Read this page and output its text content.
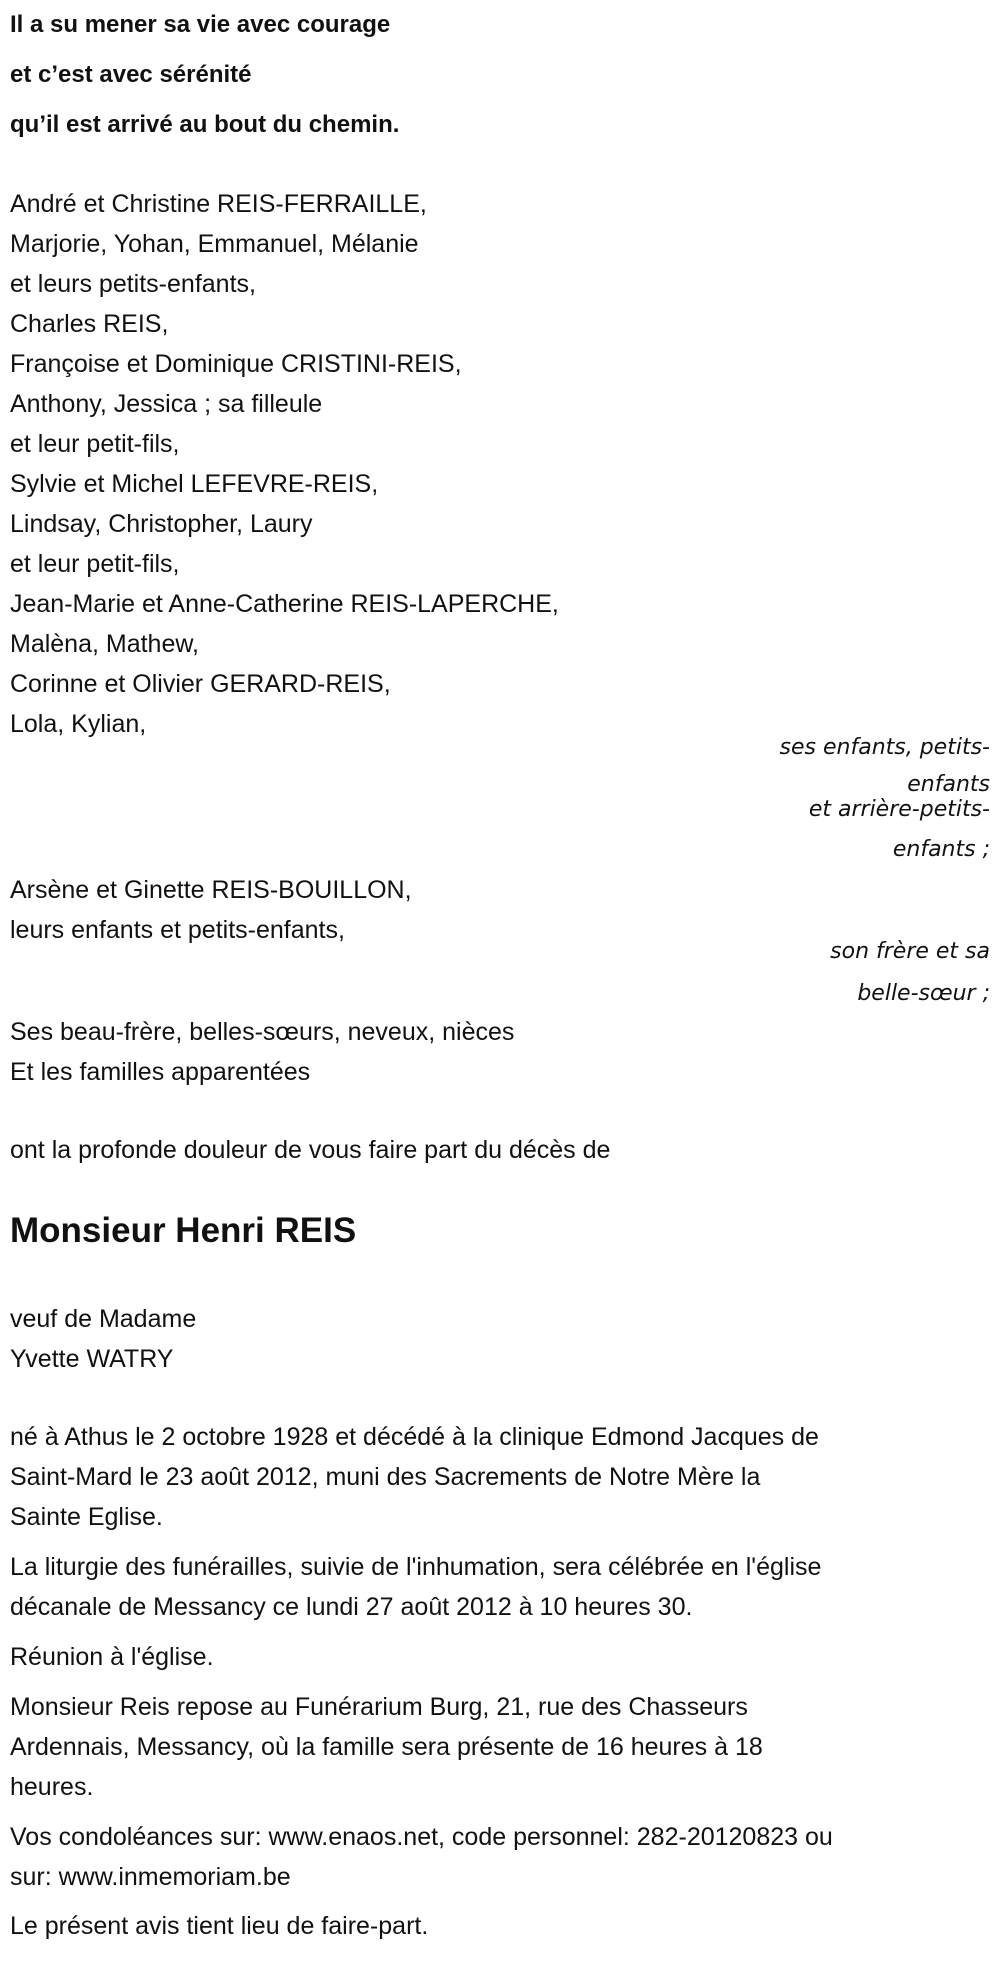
Il a su mener sa vie avec courage
et c’est avec sérénité
qu’il est arrivé au bout du chemin.
André et Christine REIS-FERRAILLE,
Marjorie, Yohan, Emmanuel, Mélanie
et leurs petits-enfants,
Charles REIS,
Françoise et Dominique CRISTINI-REIS,
Anthony, Jessica ; sa filleule
et leur petit-fils,
Sylvie et Michel LEFEVRE-REIS,
Lindsay, Christopher, Laury
et leur petit-fils,
Jean-Marie et Anne-Catherine REIS-LAPERCHE,
Malèna, Mathew,
Corinne et Olivier GERARD-REIS,
Lola, Kylian,
ses enfants, petits-
enfants
et arrière-petits-
enfants ;
Arsène et Ginette REIS-BOUILLON,
leurs enfants et petits-enfants,
son frère et sa
belle-sœur ;
Ses beau-frère, belles-sœurs, neveux, nièces
Et les familles apparentées
ont la profonde douleur de vous faire part du décès de
Monsieur Henri REIS
veuf de Madame
Yvette WATRY
né à Athus le 2 octobre 1928 et décédé à la clinique Edmond Jacques de
Saint-Mard le 23 août 2012, muni des Sacrements de Notre Mère la
Sainte Eglise.
La liturgie des funérailles, suivie de l'inhumation, sera célébrée en l'église
décanale de Messancy ce lundi 27 août 2012 à 10 heures 30.
Réunion à l'église.
Monsieur Reis repose au Funérarium Burg, 21, rue des Chasseurs
Ardennais, Messancy, où la famille sera présente de 16 heures à 18
heures.
Vos condoléances sur: www.enaos.net, code personnel: 282-20120823 ou
sur: www.inmemoriam.be
Le présent avis tient lieu de faire-part.
